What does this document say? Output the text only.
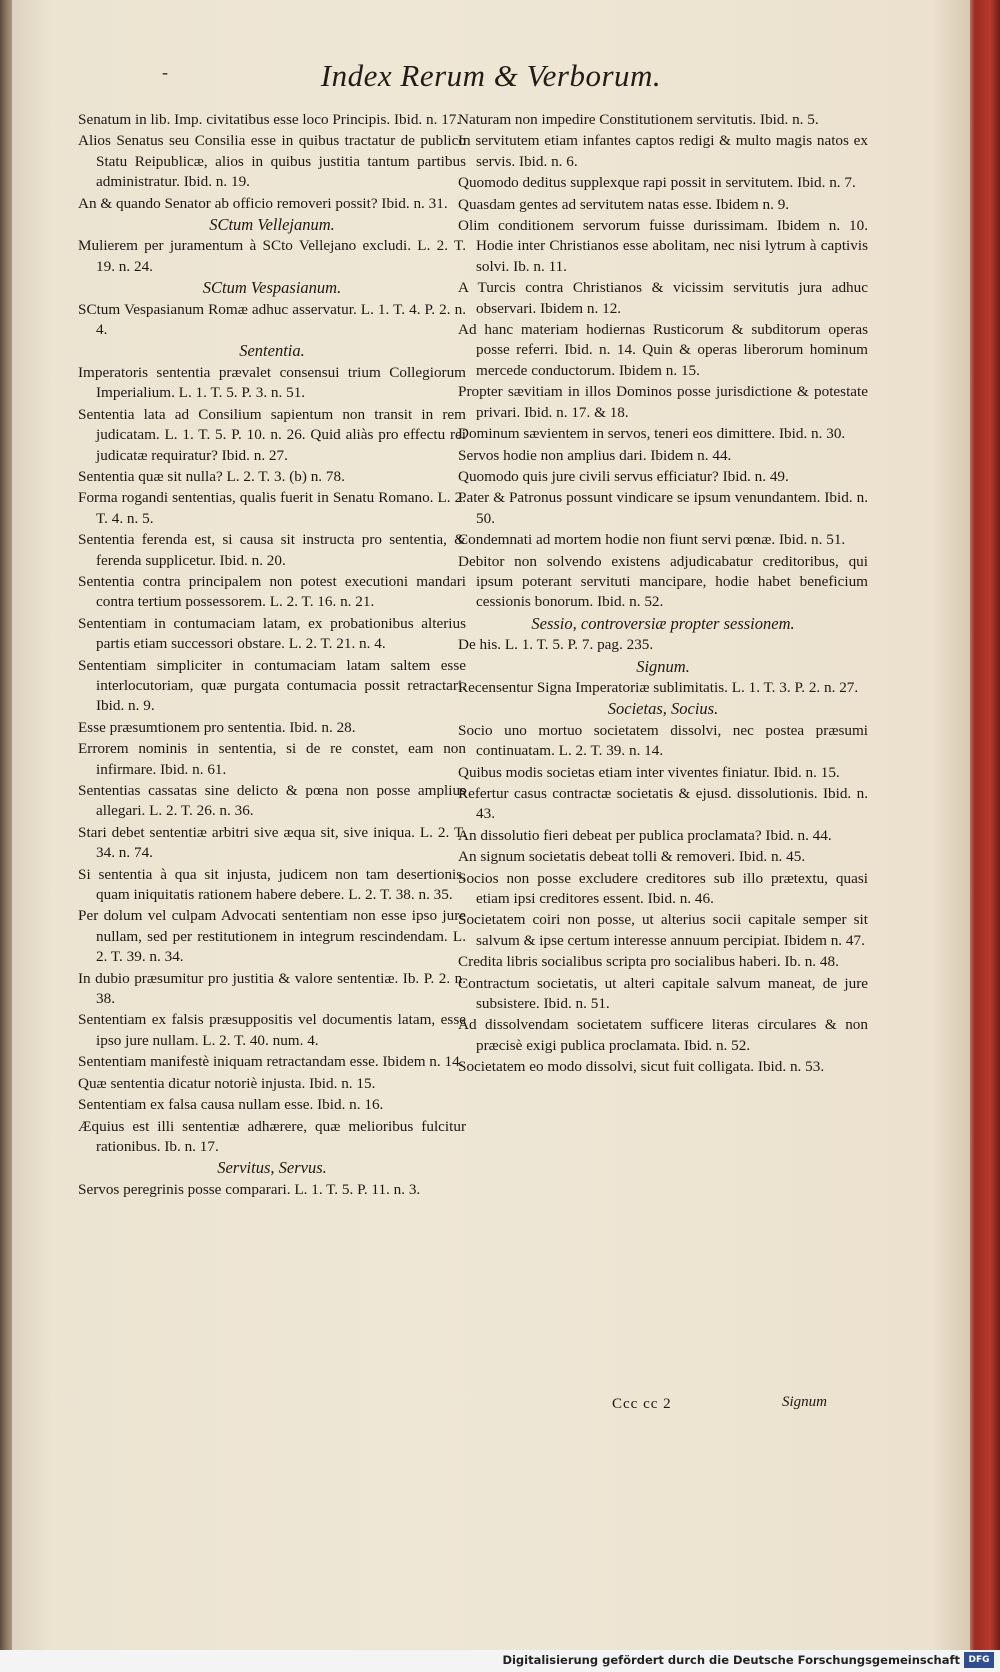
-	Index Rerum & Verborum.
Senatum in lib. Imp. civitatibus esse loco Principis. Ibid. n. 17.
Alios Senatus seu Consilia esse in quibus tractatur de publico Statu Reipublicæ, alios in quibus justitia tantum partibus administratur. Ibid. n. 19.
An & quando Senator ab officio removeri possit? Ibid. n. 31.
SCtum Vellejanum.
Mulierem per juramentum à SCto Vellejano excludi. L. 2. T. 19. n. 24.
SCtum Vespasianum.
SCtum Vespasianum Romæ adhuc asservatur. L. 1. T. 4. P. 2. n. 4.
Sententia.
Imperatoris sententia prævalet consensui trium Collegiorum Imperialium. L. 1. T. 5. P. 3. n. 51.
Sententia lata ad Consilium sapientum non transit in rem judicatam. L. 1. T. 5. P. 10. n. 26. Quid aliàs pro effectu rei judicatæ requiratur? Ibid. n. 27.
Sententia quæ sit nulla? L. 2. T. 3. (b) n. 78.
Forma rogandi sententias, qualis fuerit in Senatu Romano. L. 2. T. 4. n. 5.
Sententia ferenda est, si causa sit instructa pro sententia, & ferenda supplicetur. Ibid. n. 20.
Sententia contra principalem non potest executioni mandari contra tertium possessorem. L. 2. T. 16. n. 21.
Sententiam in contumaciam latam, ex probationibus alterius partis etiam successori obstare. L. 2. T. 21. n. 4.
Sententiam simpliciter in contumaciam latam saltem esse interlocutoriam, quæ purgata contumacia possit retractari. Ibid. n. 9.
Esse præsumtionem pro sententia. Ibid. n. 28.
Errorem nominis in sententia, si de re constet, eam non infirmare. Ibid. n. 61.
Sententias cassatas sine delicto & pœna non posse amplius allegari. L. 2. T. 26. n. 36.
Stari debet sententiæ arbitri sive æqua sit, sive iniqua. L. 2. T. 34. n. 74.
Si sententia à qua sit injusta, judicem non tam desertionis, quam iniquitatis rationem habere debere. L. 2. T. 38. n. 35.
Per dolum vel culpam Advocati sententiam non esse ipso jure nullam, sed per restitutionem in integrum rescindendam. L. 2. T. 39. n. 34.
In dubio præsumitur pro justitia & valore sententiæ. Ib. P. 2. n. 38.
Sententiam ex falsis præsuppositis vel documentis latam, esse ipso jure nullam. L. 2. T. 40. num. 4.
Sententiam manifestè iniquam retractandam esse. Ibidem n. 14.
Quæ sententia dicatur notoriè injusta. Ibid. n. 15.
Sententiam ex falsa causa nullam esse. Ibid. n. 16.
Æquius est illi sententiæ adhærere, quæ melioribus fulcitur rationibus. Ib. n. 17.
Servitus, Servus.
Servos peregrinis posse comparari. L. 1. T. 5. P. 11. n. 3.
Naturam non impedire Constitutionem servitutis. Ibid. n. 5.
In servitutem etiam infantes captos redigi & multo magis natos ex servis. Ibid. n. 6.
Quomodo deditus supplexque rapi possit in servitutem. Ibid. n. 7.
Quasdam gentes ad servitutem natas esse. Ibidem n. 9.
Olim conditionem servorum fuisse durissimam. Ibidem n. 10. Hodie inter Christianos esse abolitam, nec nisi lytrum à captivis solvi. Ib. n. 11.
A Turcis contra Christianos & vicissim servitutis jura adhuc observari. Ibidem n. 12.
Ad hanc materiam hodiernas Rusticorum & subditorum operas posse referri. Ibid. n. 14. Quin & operas liberorum hominum mercede conductorum. Ibidem n. 15.
Propter sævitiam in illos Dominos posse jurisdictione & potestate privari. Ibid. n. 17. & 18.
Dominum sævientem in servos, teneri eos dimittere. Ibid. n. 30.
Servos hodie non amplius dari. Ibidem n. 44.
Quomodo quis jure civili servus efficiatur? Ibid. n. 49.
Pater & Patronus possunt vindicare se ipsum venundantem. Ibid. n. 50.
Condemnati ad mortem hodie non fiunt servi pœnæ. Ibid. n. 51.
Debitor non solvendo existens adjudicabatur creditoribus, qui ipsum poterant servituti mancipare, hodie habet beneficium cessionis bonorum. Ibid. n. 52.
Sessio, controversiæ propter sessionem.
De his. L. 1. T. 5. P. 7. pag. 235.
Signum.
Recensentur Signa Imperatoriæ sublimitatis. L. 1. T. 3. P. 2. n. 27.
Societas, Socius.
Socio uno mortuo societatem dissolvi, nec postea præsumi continuatam. L. 2. T. 39. n. 14.
Quibus modis societas etiam inter viventes finiatur. Ibid. n. 15.
Refertur casus contractæ societatis & ejusd. dissolutionis. Ibid. n. 43.
An dissolutio fieri debeat per publica proclamata? Ibid. n. 44.
An signum societatis debeat tolli & removeri. Ibid. n. 45.
Socios non posse excludere creditores sub illo prætextu, quasi etiam ipsi creditores essent. Ibid. n. 46.
Societatem coiri non posse, ut alterius socii capitale semper sit salvum & ipse certum interesse annuum percipiat. Ibidem n. 47.
Credita libris socialibus scripta pro socialibus haberi. Ib. n. 48.
Contractum societatis, ut alteri capitale salvum maneat, de jure subsistere. Ibid. n. 51.
Ad dissolvendam societatem sufficere literas circulares & non præcisè exigi publica proclamata. Ibid. n. 52.
Societatem eo modo dissolvi, sicut fuit colligata. Ibid. n. 53.
Ccc cc 2	Signum
Digitalisierung gefördert durch die Deutsche Forschungsgemeinschaft DFG
